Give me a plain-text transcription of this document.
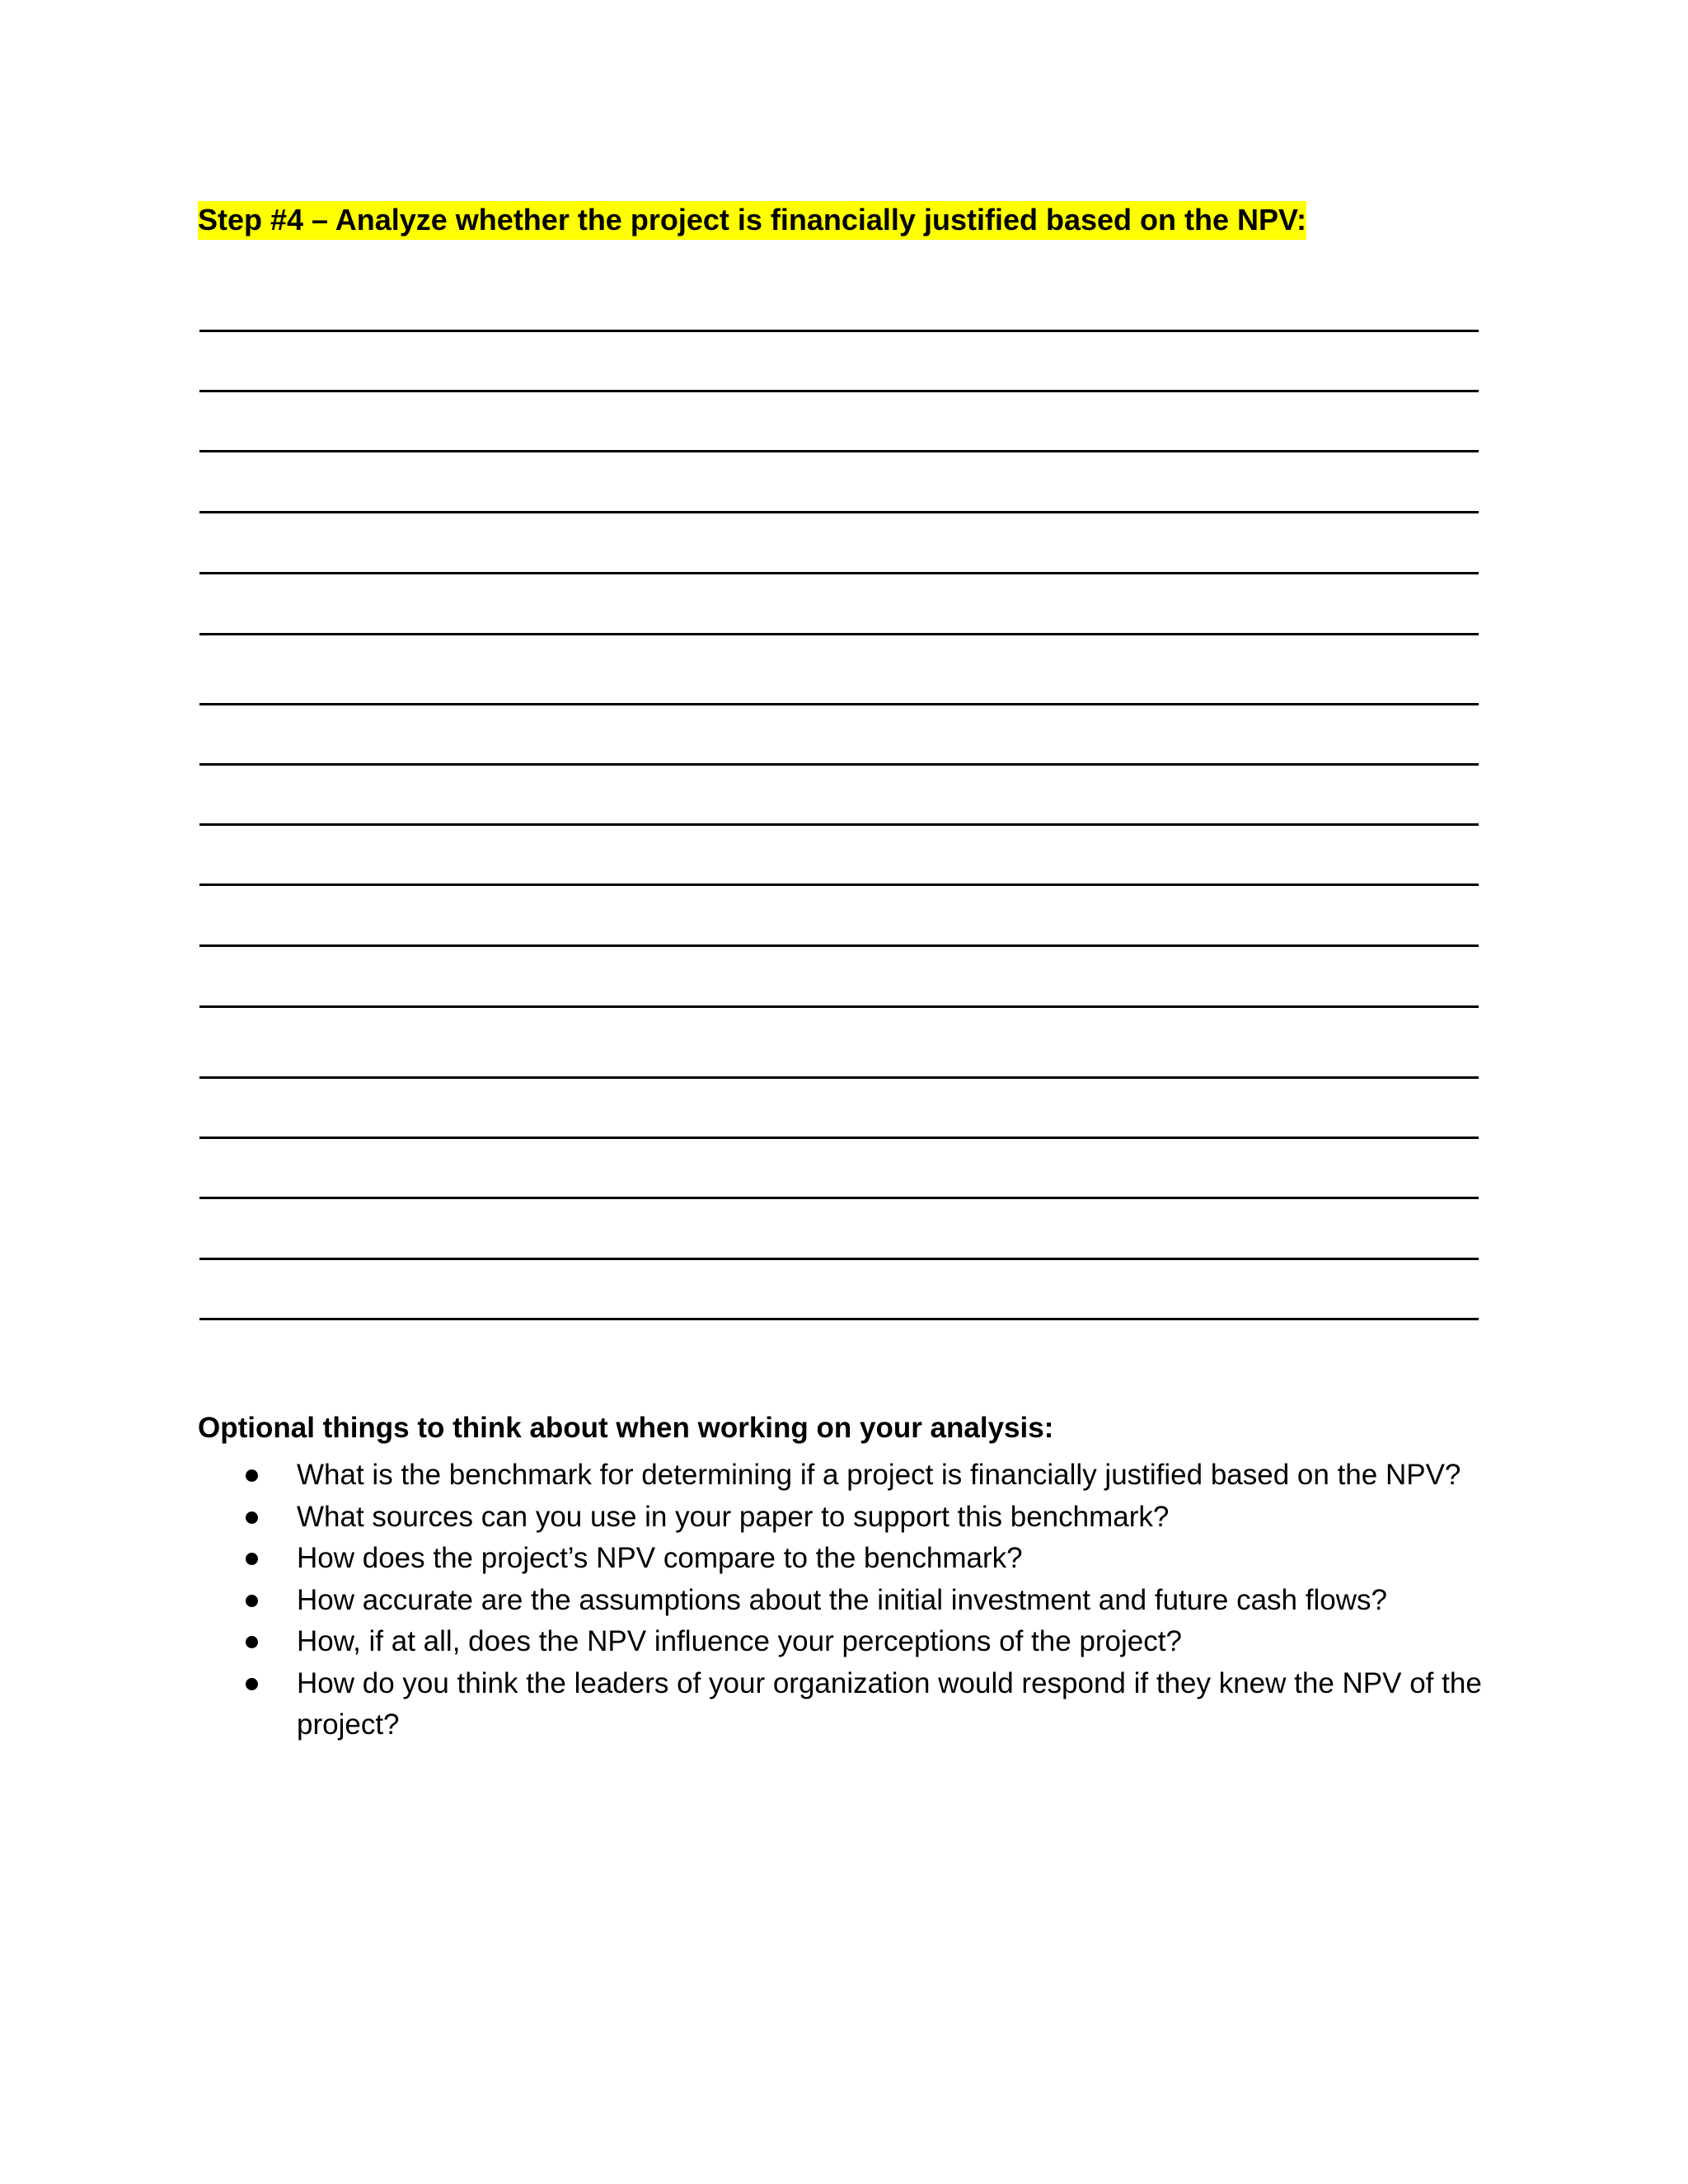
Step #4 – Analyze whether the project is financially justified based on the NPV:
Optional things to think about when working on your analysis:
What is the benchmark for determining if a project is financially justified based on the NPV?
What sources can you use in your paper to support this benchmark?
How does the project’s NPV compare to the benchmark?
How accurate are the assumptions about the initial investment and future cash flows?
How, if at all, does the NPV influence your perceptions of the project?
How do you think the leaders of your organization would respond if they knew the NPV of the project?
